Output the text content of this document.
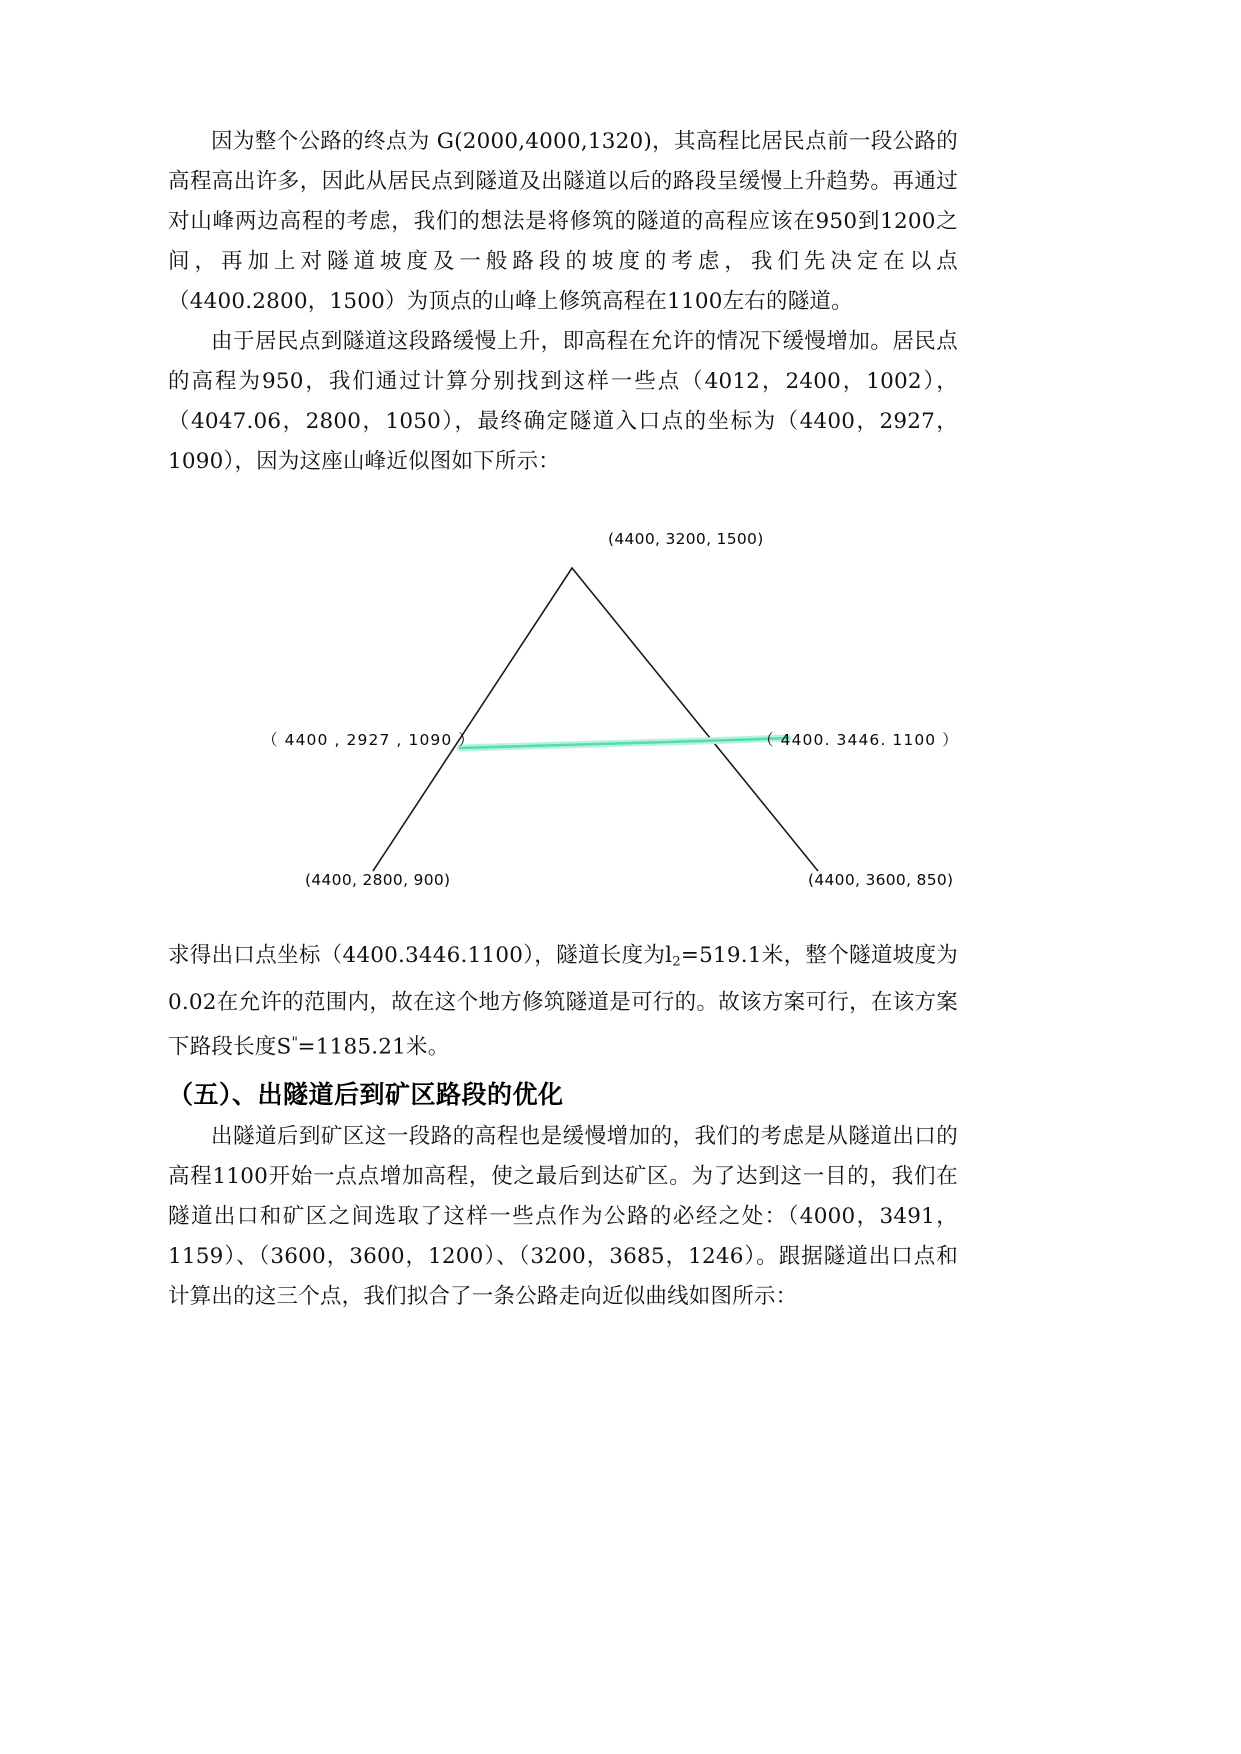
因为整个公路的终点为 G(2000,4000,1320)，其高程比居民点前一段公路的高程高出许多，因此从居民点到隧道及出隧道以后的路段呈缓慢上升趋势。再通过对山峰两边高程的考虑，我们的想法是将修筑的隧道的高程应该在950到1200之间，再加上对隧道坡度及一般路段的坡度的考虑，我们先决定在以点（4400.2800，1500）为顶点的山峰上修筑高程在1100左右的隧道。

由于居民点到隧道这段路缓慢上升，即高程在允许的情况下缓慢增加。居民点的高程为950，我们通过计算分别找到这样一些点（4012，2400，1002），（4047.06，2800，1050），最终确定隧道入口点的坐标为（4400，2927，1090），因为这座山峰近似图如下所示：

(4400, 3200, 1500)
（ 4400 , 2927 , 1090 ）	（ 4400. 3446. 1100 ）
(4400, 2800, 900)	(4400, 3600, 850)

求得出口点坐标（4400.3446.1100），隧道长度为$l_2=519.1$米，整个隧道坡度为0.02在允许的范围内，故在这个地方修筑隧道是可行的。故该方案可行，在该方案下路段长度S"=1185.21米。

（五）、出隧道后到矿区路段的优化

出隧道后到矿区这一段路的高程也是缓慢增加的，我们的考虑是从隧道出口的高程1100开始一点点增加高程，使之最后到达矿区。为了达到这一目的，我们在隧道出口和矿区之间选取了这样一些点作为公路的必经之处：（4000，3491，1159）、（3600，3600，1200）、（3200，3685，1246）。跟据隧道出口点和计算出的这三个点，我们拟合了一条公路走向近似曲线如图所示：
